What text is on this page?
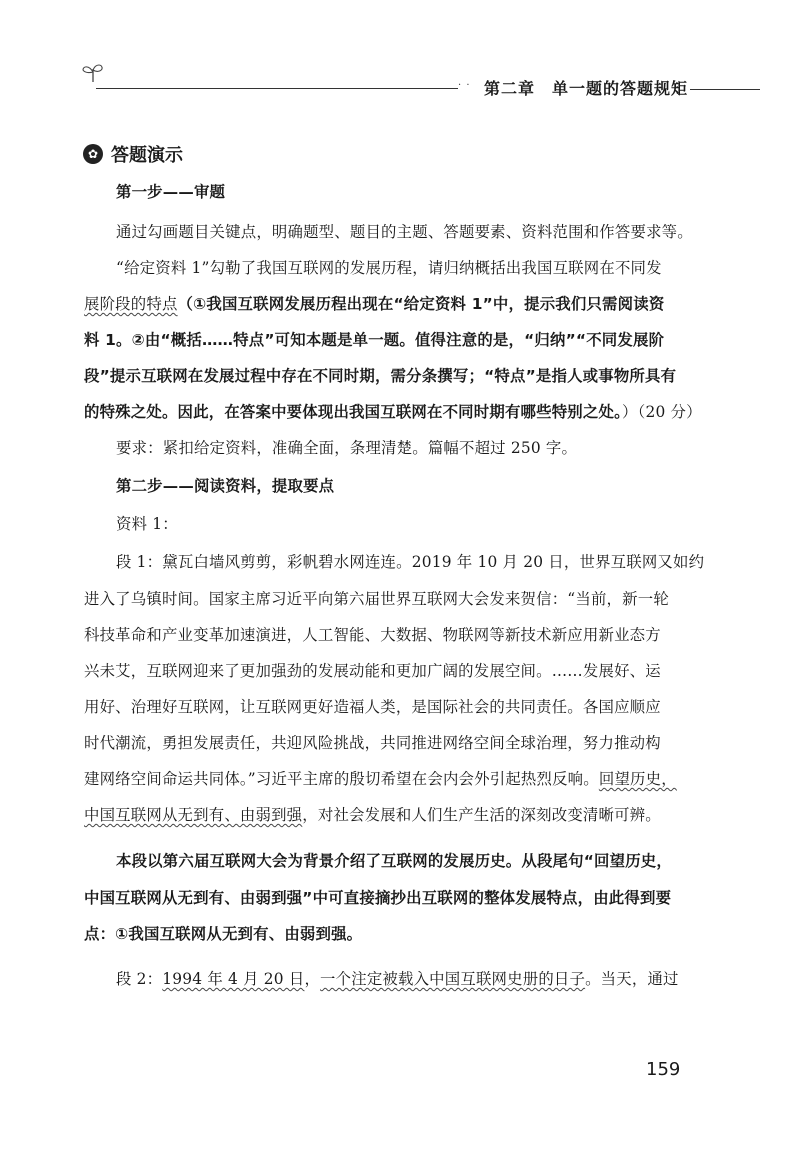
· · 第二章　单一题的答题规矩
✿ 答题演示
第一步——审题
通过勾画题目关键点，明确题型、题目的主题、答题要素、资料范围和作答要求等。
“给定资料 1”勾勒了我国互联网的发展历程，请归纳概括出我国互联网在不同发
展阶段的特点（①我国互联网发展历程出现在“给定资料 1”中，提示我们只需阅读资
料 1。②由“概括……特点”可知本题是单一题。值得注意的是，“归纳”“不同发展阶
段”提示互联网在发展过程中存在不同时期，需分条撰写；“特点”是指人或事物所具有
的特殊之处。因此，在答案中要体现出我国互联网在不同时期有哪些特别之处。）（20 分）
要求：紧扣给定资料，准确全面，条理清楚。篇幅不超过 250 字。
第二步——阅读资料，提取要点
资料 1：
段 1：黛瓦白墙风剪剪，彩帆碧水网连连。2019 年 10 月 20 日，世界互联网又如约
进入了乌镇时间。国家主席习近平向第六届世界互联网大会发来贺信：“当前，新一轮
科技革命和产业变革加速演进，人工智能、大数据、物联网等新技术新应用新业态方
兴未艾，互联网迎来了更加强劲的发展动能和更加广阔的发展空间。……发展好、运
用好、治理好互联网，让互联网更好造福人类，是国际社会的共同责任。各国应顺应
时代潮流，勇担发展责任，共迎风险挑战，共同推进网络空间全球治理，努力推动构
建网络空间命运共同体。”习近平主席的殷切希望在会内会外引起热烈反响。回望历史，
中国互联网从无到有、由弱到强，对社会发展和人们生产生活的深刻改变清晰可辨。
本段以第六届互联网大会为背景介绍了互联网的发展历史。从段尾句“回望历史，
中国互联网从无到有、由弱到强”中可直接摘抄出互联网的整体发展特点，由此得到要
点：①我国互联网从无到有、由弱到强。
段 2：1994 年 4 月 20 日，一个注定被载入中国互联网史册的日子。当天，通过
159
